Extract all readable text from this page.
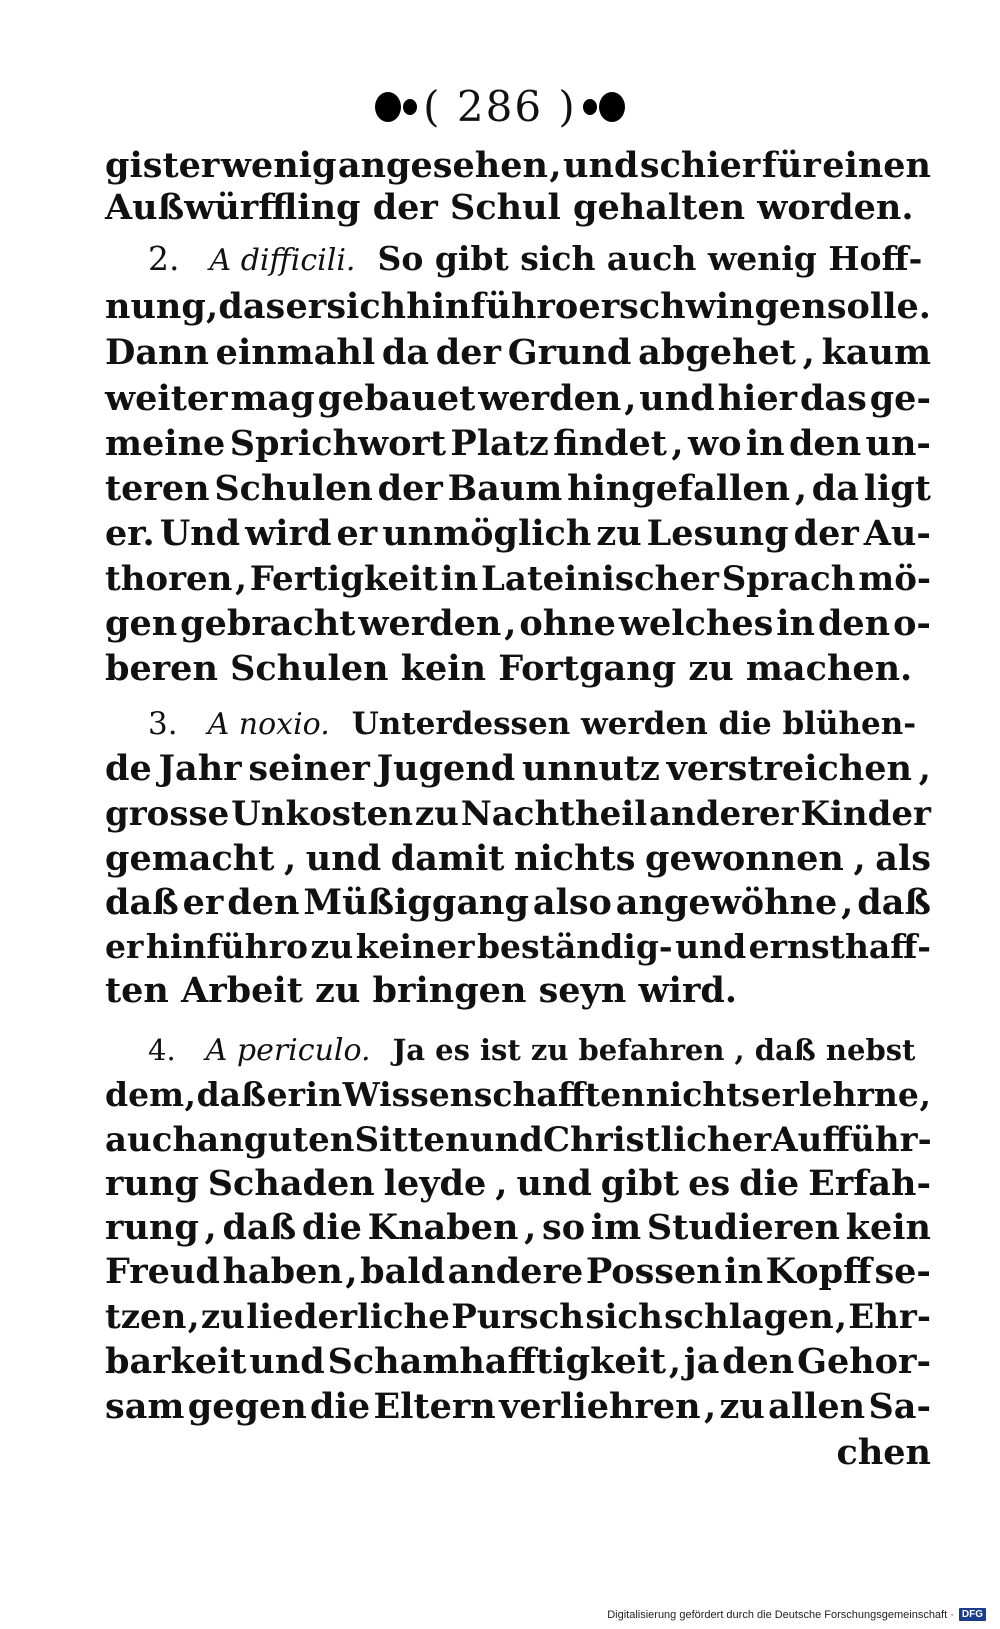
( 286 )
gister wenig angesehen , und schier für einen
Außwürffling der Schul gehalten worden.
2. A difficili. So gibt sich auch wenig Hoff-
nung , das er sich hinführo erschwingen solle.
Dann einmahl da der Grund abgehet , kaum
weiter mag gebauet werden , und hier das ge-
meine Sprichwort Platz findet , wo in den un-
teren Schulen der Baum hingefallen , da ligt
er. Und wird er unmöglich zu Lesung der Au-
thoren , Fertigkeit in Lateinischer Sprach mö-
gen gebracht werden , ohne welches in den o-
beren Schulen kein Fortgang zu machen.
3. A noxio. Unterdessen werden die blühen-
de Jahr seiner Jugend unnutz verstreichen ,
grosse Unkosten zu Nachtheil anderer Kinder
gemacht , und damit nichts gewonnen , als
daß er den Müßiggang also angewöhne , daß
er hinführo zu keiner beständig- und ernsthaff-
ten Arbeit zu bringen seyn wird.
4. A periculo. Ja es ist zu befahren , daß nebst
dem , daß er in Wissenschafften nichts erlehrne ,
auch an guten Sitten und Christlicher Aufführ-
rung Schaden leyde , und gibt es die Erfah-
rung , daß die Knaben , so im Studieren kein
Freud haben , bald andere Possen in Kopff se-
tzen , zu liederliche Pursch sich schlagen , Ehr-
barkeit und Schamhafftigkeit , ja den Gehor-
sam gegen die Eltern verliehren , zu allen Sa-
chen
Digitalisierung gefördert durch die Deutsche Forschungsgemeinschaft · DFG
